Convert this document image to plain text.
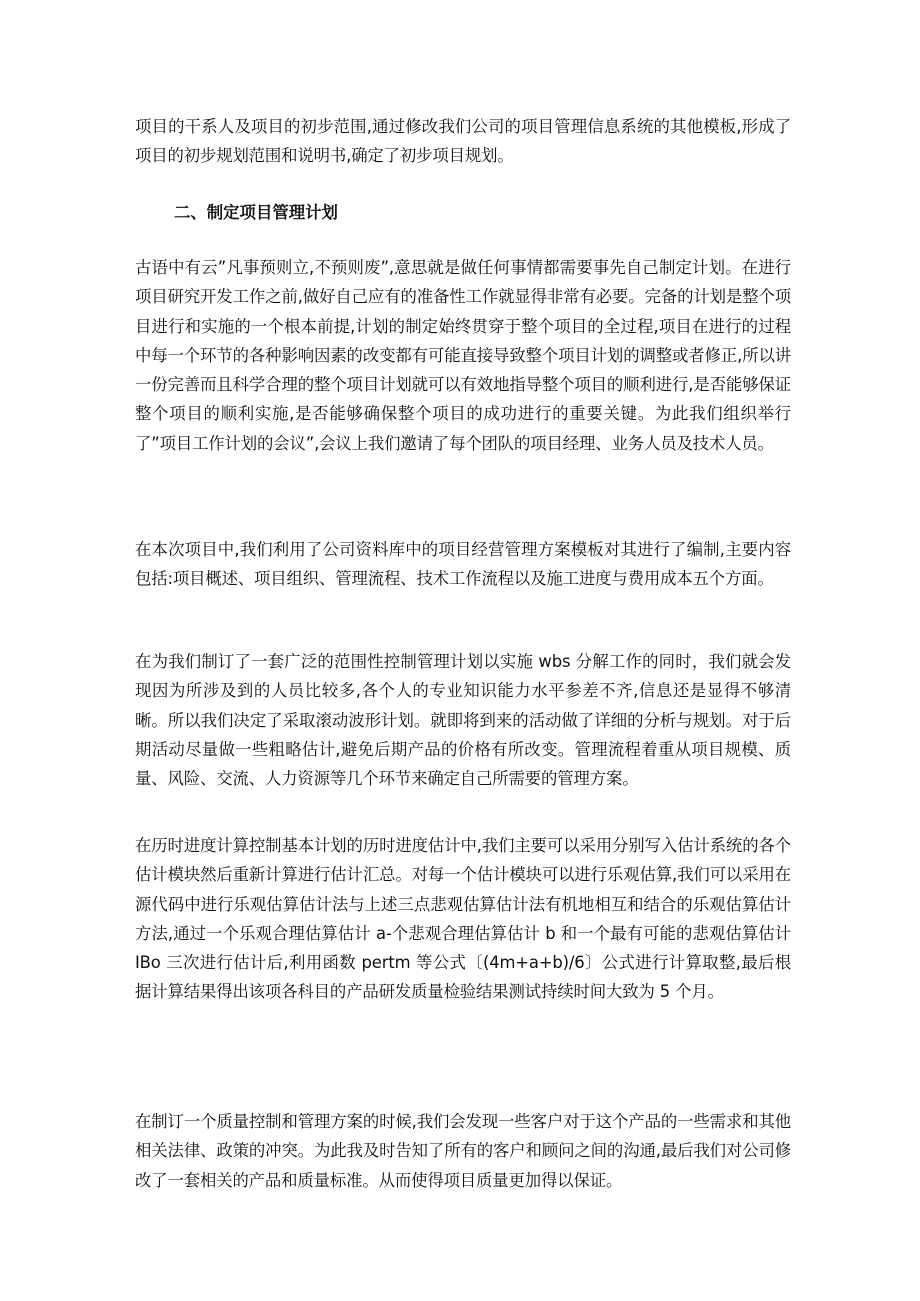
项目的干系人及项目的初步范围,通过修改我们公司的项目管理信息系统的其他模板,形成了项目的初步规划范围和说明书,确定了初步项目规划。

二、制定项目管理计划

古语中有云”凡事预则立,不预则废”,意思就是做任何事情都需要事先自己制定计划。在进行项目研究开发工作之前,做好自己应有的准备性工作就显得非常有必要。完备的计划是整个项目进行和实施的一个根本前提,计划的制定始终贯穿于整个项目的全过程,项目在进行的过程中每一个环节的各种影响因素的改变都有可能直接导致整个项目计划的调整或者修正,所以讲一份完善而且科学合理的整个项目计划就可以有效地指导整个项目的顺利进行,是否能够保证整个项目的顺利实施,是否能够确保整个项目的成功进行的重要关键。为此我们组织举行了”项目工作计划的会议”,会议上我们邀请了每个团队的项目经理、业务人员及技术人员。

在本次项目中,我们利用了公司资料库中的项目经营管理方案模板对其进行了编制,主要内容包括:项目概述、项目组织、管理流程、技术工作流程以及施工进度与费用成本五个方面。

在为我们制订了一套广泛的范围性控制管理计划以实施 wbs 分解工作的同时，我们就会发现因为所涉及到的人员比较多,各个人的专业知识能力水平参差不齐,信息还是显得不够清晰。所以我们决定了采取滚动波形计划。就即将到来的活动做了详细的分析与规划。对于后期活动尽量做一些粗略估计,避免后期产品的价格有所改变。管理流程着重从项目规模、质量、风险、交流、人力资源等几个环节来确定自己所需要的管理方案。

在历时进度计算控制基本计划的历时进度估计中,我们主要可以采用分别写入估计系统的各个估计模块然后重新计算进行估计汇总。对每一个估计模块可以进行乐观估算,我们可以采用在源代码中进行乐观估算估计法与上述三点悲观估算估计法有机地相互和结合的乐观估算估计方法,通过一个乐观合理估算估计 a-个悲观合理估算估计 b 和一个最有可能的悲观估算估计 IBo 三次进行估计后,利用函数 pertm 等公式〔(4m+a+b)/6〕公式进行计算取整,最后根据计算结果得出该项各科目的产品研发质量检验结果测试持续时间大致为 5 个月。

在制订一个质量控制和管理方案的时候,我们会发现一些客户对于这个产品的一些需求和其他相关法律、政策的冲突。为此我及时告知了所有的客户和顾问之间的沟通,最后我们对公司修改了一套相关的产品和质量标准。从而使得项目质量更加得以保证。
